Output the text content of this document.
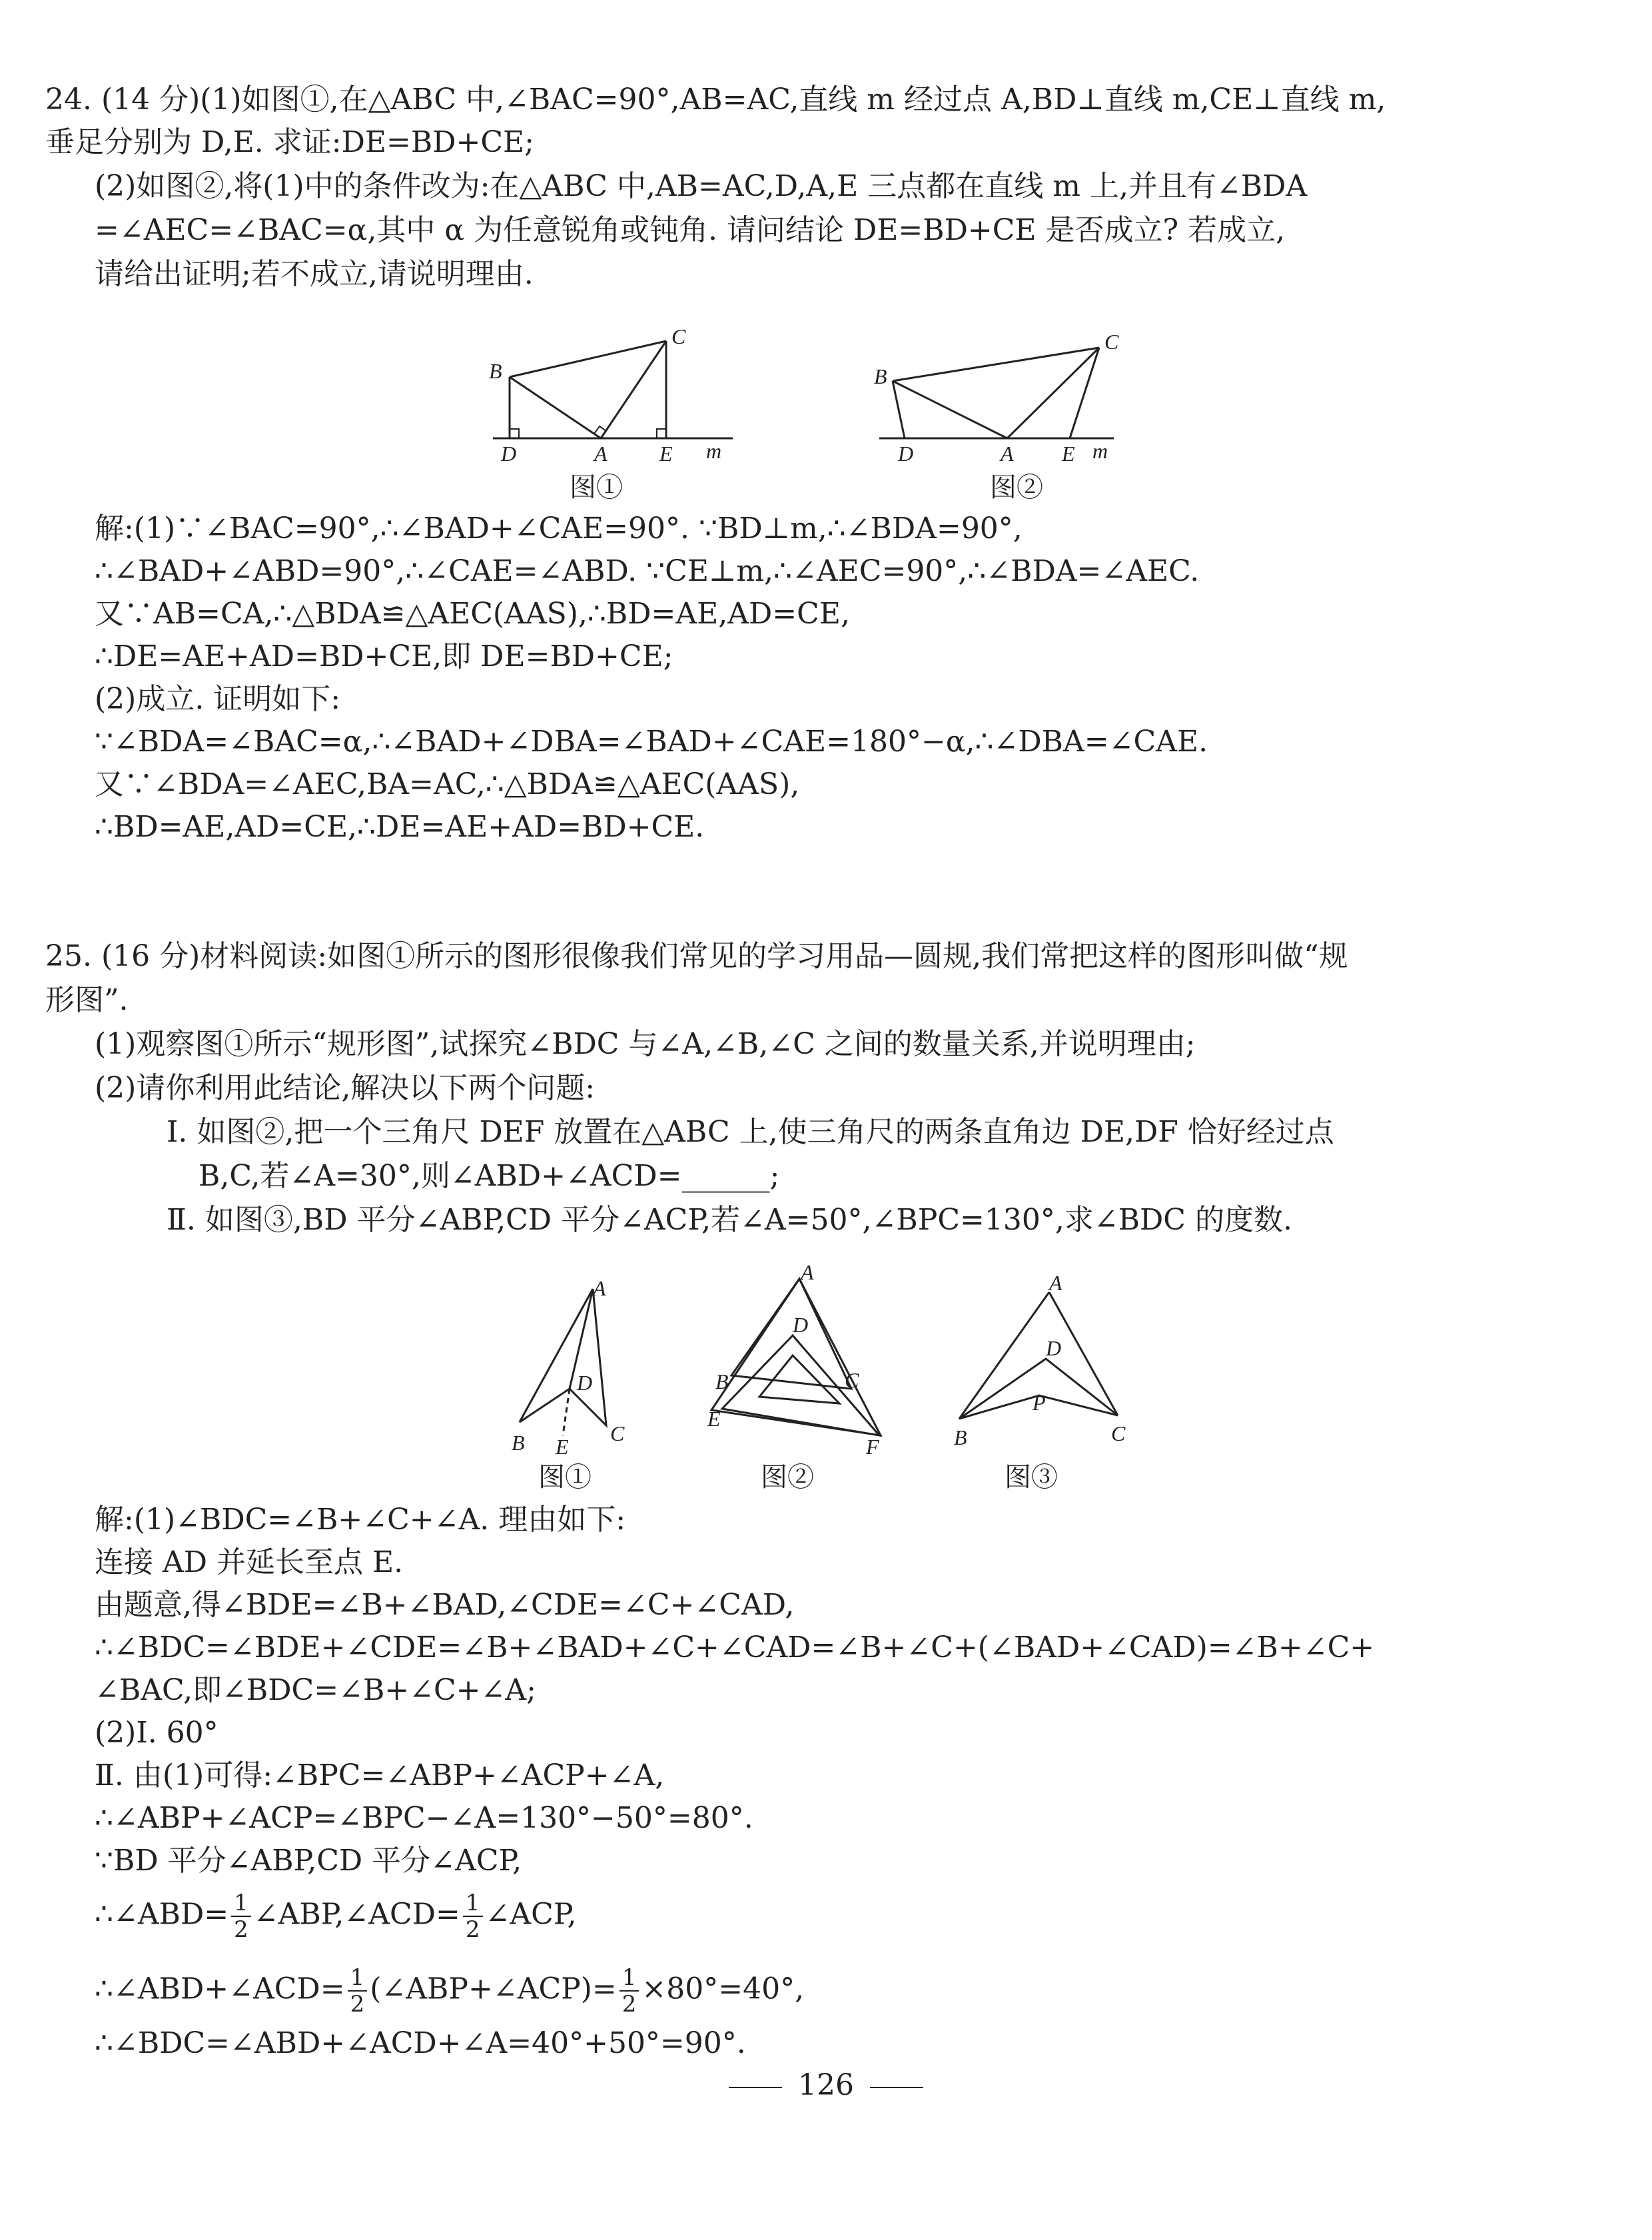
24. (14 分)(1)如图①,在△ABC 中,∠BAC=90°,AB=AC,直线 m 经过点 A,BD⊥直线 m,CE⊥直线 m,
垂足分别为 D,E. 求证:DE=BD+CE;
(2)如图②,将(1)中的条件改为:在△ABC 中,AB=AC,D,A,E 三点都在直线 m 上,并且有∠BDA
=∠AEC=∠BAC=α,其中 α 为任意锐角或钝角. 请问结论 DE=BD+CE 是否成立? 若成立,
请给出证明;若不成立,请说明理由.
B
C
D	A E m
图①
B
C
D	A E m
图②
解:(1)∵∠BAC=90°,∴∠BAD+∠CAE=90°. ∵BD⊥m,∴∠BDA=90°,
∴∠BAD+∠ABD=90°,∴∠CAE=∠ABD. ∵CE⊥m,∴∠AEC=90°,∴∠BDA=∠AEC.
又∵AB=CA,∴△BDA≌△AEC(AAS),∴BD=AE,AD=CE,
∴DE=AE+AD=BD+CE,即 DE=BD+CE;
(2)成立. 证明如下:
∵∠BDA=∠BAC=α,∴∠BAD+∠DBA=∠BAD+∠CAE=180°−α,∴∠DBA=∠CAE.
又∵∠BDA=∠AEC,BA=AC,∴△BDA≌△AEC(AAS),
∴BD=AE,AD=CE,∴DE=AE+AD=BD+CE.
25. (16 分)材料阅读:如图①所示的图形很像我们常见的学习用品—圆规,我们常把这样的图形叫做“规
形图”.
(1)观察图①所示“规形图”,试探究∠BDC 与∠A,∠B,∠C 之间的数量关系,并说明理由;
(2)请你利用此结论,解决以下两个问题:
Ⅰ. 如图②,把一个三角尺 DEF 放置在△ABC 上,使三角尺的两条直角边 DE,DF 恰好经过点
B,C,若∠A=30°,则∠ABD+∠ACD=______;
Ⅱ. 如图③,BD 平分∠ABP,CD 平分∠ACP,若∠A=50°,∠BPC=130°,求∠BDC 的度数.
A
D
B E
C
图①
A
D
B	C
E
F
图②
A
D
P
B	C
图③
解:(1)∠BDC=∠B+∠C+∠A. 理由如下:
连接 AD 并延长至点 E.
由题意,得∠BDE=∠B+∠BAD,∠CDE=∠C+∠CAD,
∴∠BDC=∠BDE+∠CDE=∠B+∠BAD+∠C+∠CAD=∠B+∠C+(∠BAD+∠CAD)=∠B+∠C+
∠BAC,即∠BDC=∠B+∠C+∠A;
(2)Ⅰ. 60°
Ⅱ. 由(1)可得:∠BPC=∠ABP+∠ACP+∠A,
∴∠ABP+∠ACP=∠BPC−∠A=130°−50°=80°.
∵BD 平分∠ABP,CD 平分∠ACP,
∴∠ABD= $\frac{1}{2}$ ∠ABP,∠ACD= $\frac{1}{2}$ ∠ACP,
∴∠ABD+∠ACD= $\frac{1}{2}$ (∠ABP+∠ACP)= $\frac{1}{2} \times 80^\circ=40^\circ$,
∴∠BDC=∠ABD+∠ACD+∠A=40°+50°=90°.
126
